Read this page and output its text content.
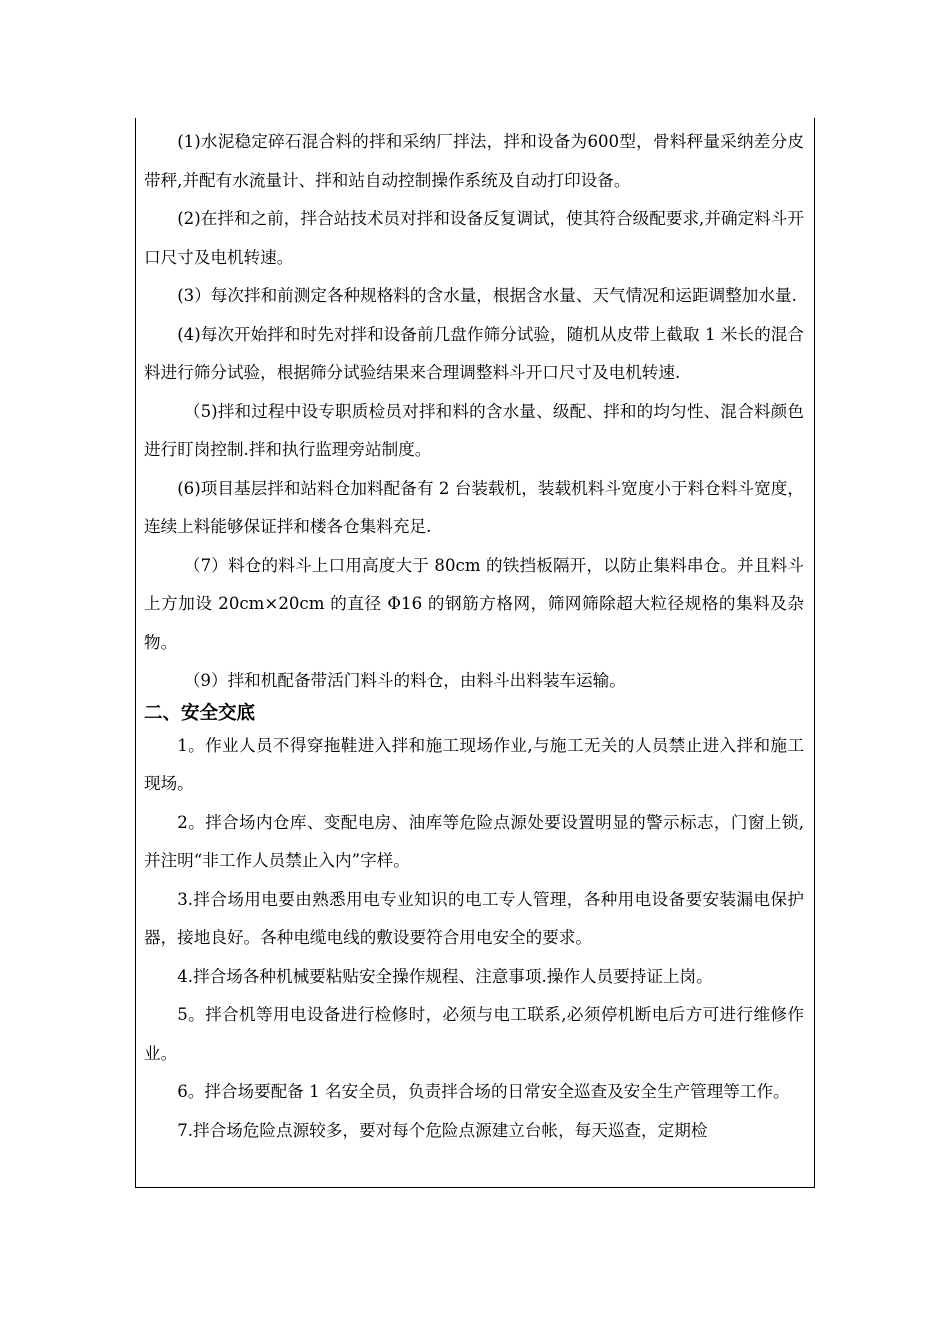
(1)水泥稳定碎石混合料的拌和采纳厂拌法，拌和设备为600型，骨料秤量采纳差分皮带秤,并配有水流量计、拌和站自动控制操作系统及自动打印设备。

(2)在拌和之前，拌合站技术员对拌和设备反复调试，使其符合级配要求,并确定料斗开口尺寸及电机转速。

(3）每次拌和前测定各种规格料的含水量，根据含水量、天气情况和运距调整加水量.

(4)每次开始拌和时先对拌和设备前几盘作筛分试验，随机从皮带上截取 1 米长的混合料进行筛分试验，根据筛分试验结果来合理调整料斗开口尺寸及电机转速.

（5)拌和过程中设专职质检员对拌和料的含水量、级配、拌和的均匀性、混合料颜色进行盯岗控制.拌和执行监理旁站制度。

(6)项目基层拌和站料仓加料配备有 2 台装载机，装载机料斗宽度小于料仓料斗宽度，连续上料能够保证拌和楼各仓集料充足.

（7）料仓的料斗上口用高度大于 80cm 的铁挡板隔开，以防止集料串仓。并且料斗上方加设 20cm×20cm 的直径 Φ16 的钢筋方格网，筛网筛除超大粒径规格的集料及杂物。

（9）拌和机配备带活门料斗的料仓，由料斗出料装车运输。

二、安全交底

1。作业人员不得穿拖鞋进入拌和施工现场作业,与施工无关的人员禁止进入拌和施工现场。

2。拌合场内仓库、变配电房、油库等危险点源处要设置明显的警示标志，门窗上锁,并注明“非工作人员禁止入内”字样。

3.拌合场用电要由熟悉用电专业知识的电工专人管理，各种用电设备要安装漏电保护器，接地良好。各种电缆电线的敷设要符合用电安全的要求。

4.拌合场各种机械要粘贴安全操作规程、注意事项.操作人员要持证上岗。

5。拌合机等用电设备进行检修时，必须与电工联系,必须停机断电后方可进行维修作业。

6。拌合场要配备 1 名安全员，负责拌合场的日常安全巡查及安全生产管理等工作。

7.拌合场危险点源较多，要对每个危险点源建立台帐，每天巡查，定期检
